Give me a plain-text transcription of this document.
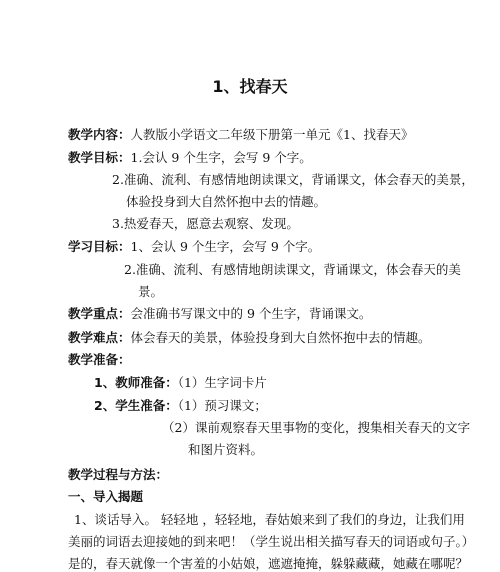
1、找春天
教学内容：人教版小学语文二年级下册第一单元《1、找春天》
教学目标：1.会认 9 个生字，会写 9 个字。
2.准确、流利、有感情地朗读课文，背诵课文，体会春天的美景，
体验投身到大自然怀抱中去的情趣。
3.热爱春天，愿意去观察、发现。
学习目标：1、会认 9 个生字，会写 9 个字。
2.准确、流利、有感情地朗读课文，背诵课文，体会春天的美
景。
教学重点：会准确书写课文中的 9 个生字，背诵课文。
教学难点：体会春天的美景，体验投身到大自然怀抱中去的情趣。
教学准备：
1、教师准备：（1）生字词卡片
2、学生准备：（1）预习课文；
（2）课前观察春天里事物的变化，搜集相关春天的文字
和图片资料。
教学过程与方法：
一、导入揭题
1、谈话导入。 轻轻地 ，轻轻地，春姑娘来到了我们的身边，让我们用
美丽的词语去迎接她的到来吧！（学生说出相关描写春天的词语或句子。）
是的，春天就像一个害羞的小姑娘，遮遮掩掩，躲躲藏藏，她藏在哪呢？
